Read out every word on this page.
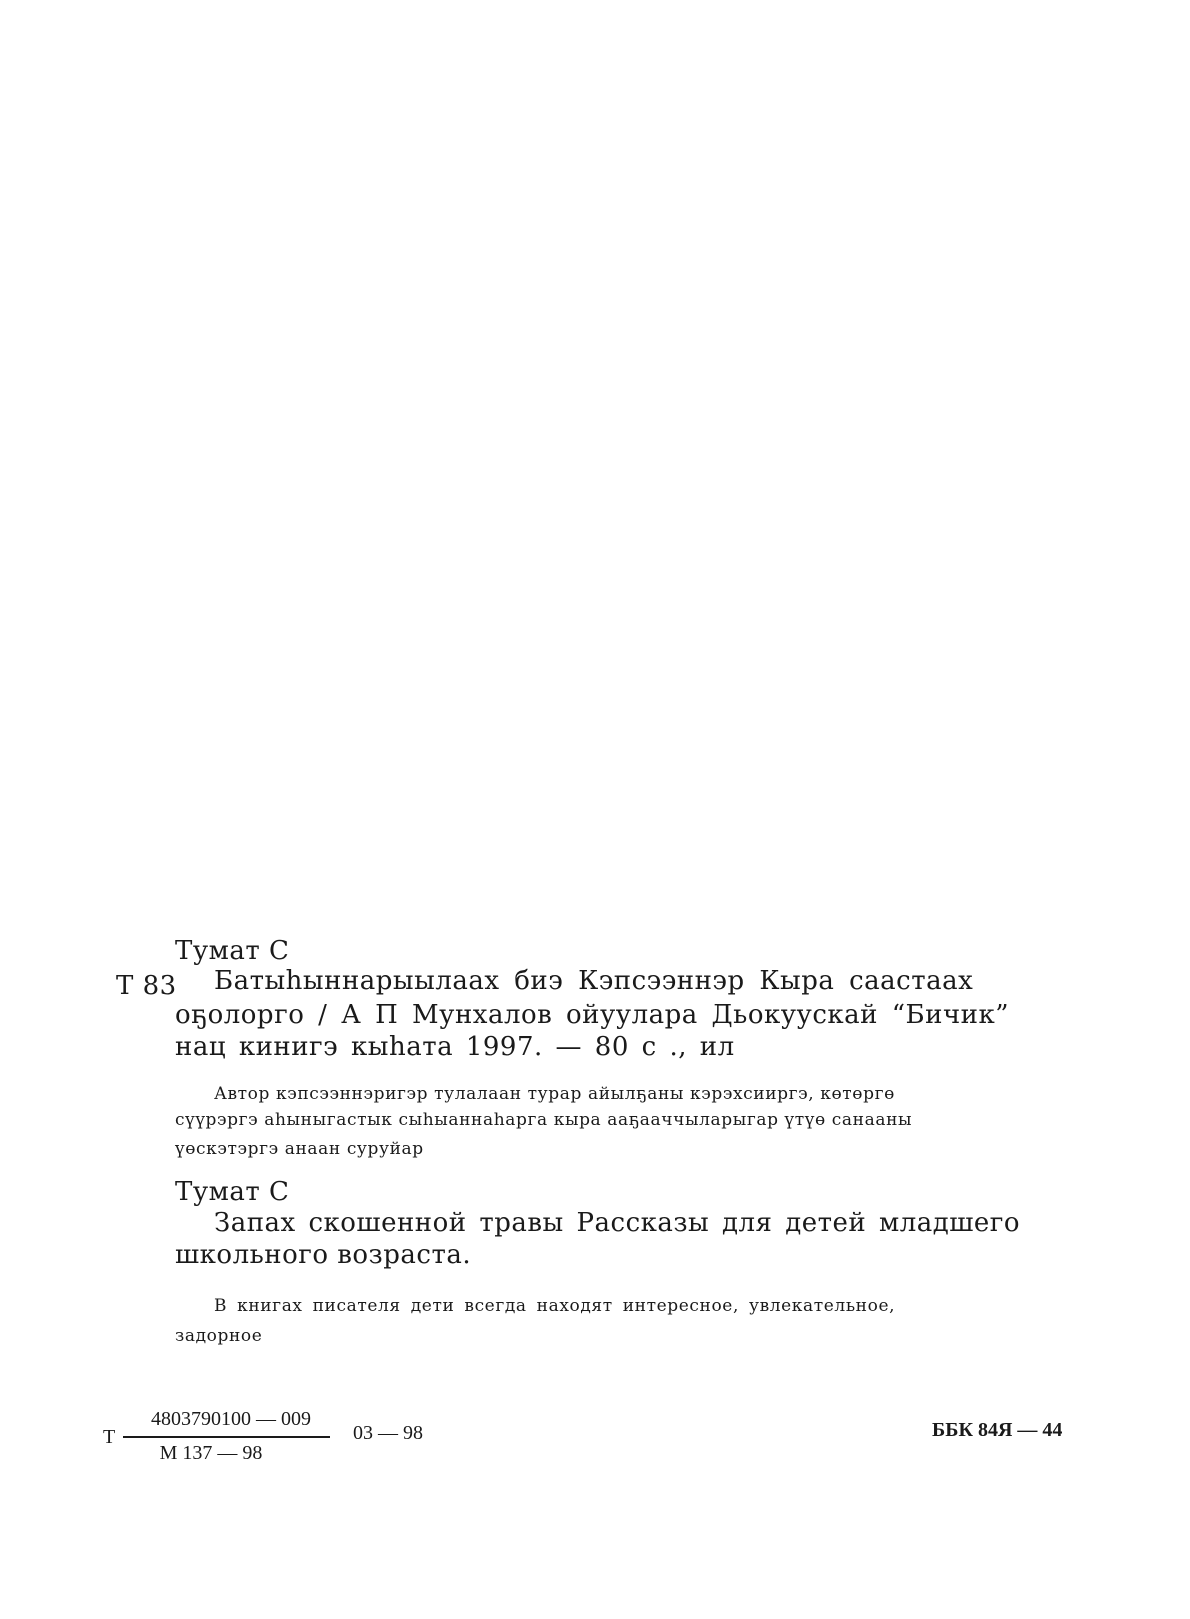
Тумат С
Т 83 Батыhыннарыылаах биэ Кэпсээннэр Кыра саастаах
оҕолорго / А П Мунхалов ойуулара Дьокуускай “Бичик”
нац кинигэ кыhата 1997. — 80 с ., ил
Автор кэпсээннэригэр тулалаан турар айылҕаны кэрэхсииргэ, көтөргө
сүүрэргэ аhыныгастык сыhыаннаhарга кыра ааҕааччыларыгар үтүө санааны
үөскэтэргэ анаан суруйар
Тумат С
Запах скошенной травы Рассказы для детей младшего
школьного возраста.
В книгах писателя дети всегда находят интересное, увлекательное,
задорное
Т
4803790100 — 009
М 137 — 98
03 — 98	ББК 84Я — 44
